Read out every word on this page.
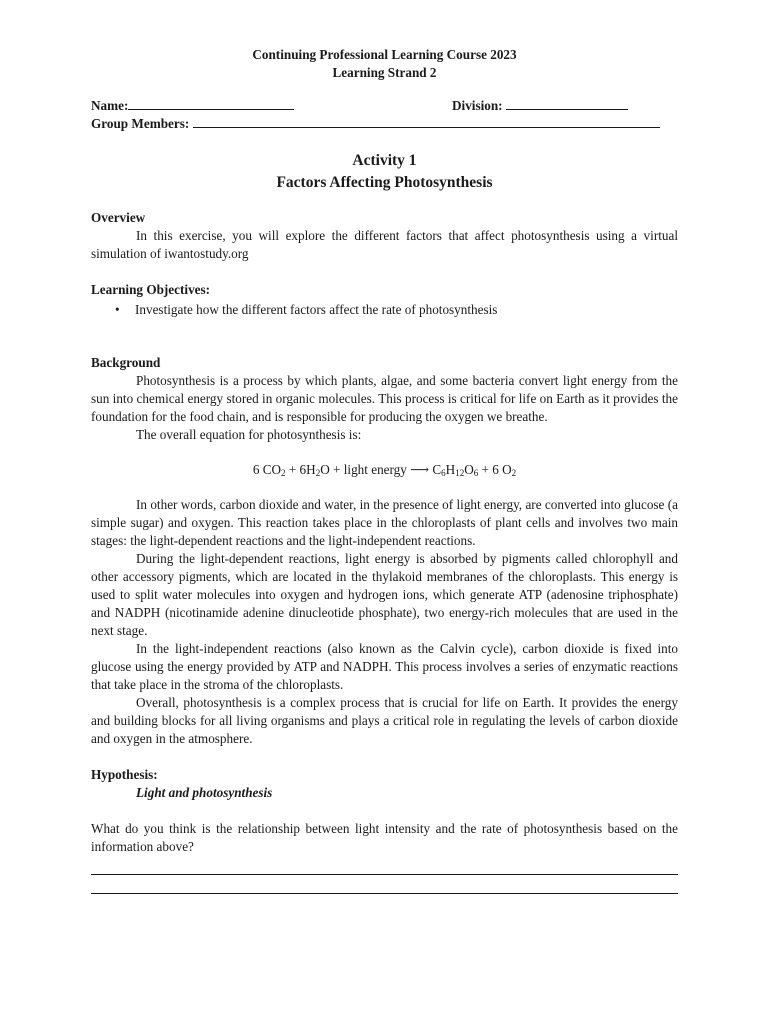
Continuing Professional Learning Course 2023
Learning Strand 2
Name:	Division:
Group Members:
Activity 1
Factors Affecting Photosynthesis
Overview
In this exercise, you will explore the different factors that affect photosynthesis using a virtual simulation of iwantostudy.org
Learning Objectives:
• Investigate how the different factors affect the rate of photosynthesis
Background
Photosynthesis is a process by which plants, algae, and some bacteria convert light energy from the sun into chemical energy stored in organic molecules. This process is critical for life on Earth as it provides the foundation for the food chain, and is responsible for producing the oxygen we breathe.
The overall equation for photosynthesis is:
6 $CO_2 + 6H_2O$ + light energy ⟶ $C_6H_{12}O_6 + 6$ $O_2$
In other words, carbon dioxide and water, in the presence of light energy, are converted into glucose (a simple sugar) and oxygen. This reaction takes place in the chloroplasts of plant cells and involves two main stages: the light-dependent reactions and the light-independent reactions.
During the light-dependent reactions, light energy is absorbed by pigments called chlorophyll and other accessory pigments, which are located in the thylakoid membranes of the chloroplasts. This energy is used to split water molecules into oxygen and hydrogen ions, which generate ATP (adenosine triphosphate) and NADPH (nicotinamide adenine dinucleotide phosphate), two energy-rich molecules that are used in the next stage.
In the light-independent reactions (also known as the Calvin cycle), carbon dioxide is fixed into glucose using the energy provided by ATP and NADPH. This process involves a series of enzymatic reactions that take place in the stroma of the chloroplasts.
Overall, photosynthesis is a complex process that is crucial for life on Earth. It provides the energy and building blocks for all living organisms and plays a critical role in regulating the levels of carbon dioxide and oxygen in the atmosphere.
Hypothesis:
Light and photosynthesis
What do you think is the relationship between light intensity and the rate of photosynthesis based on the information above?
